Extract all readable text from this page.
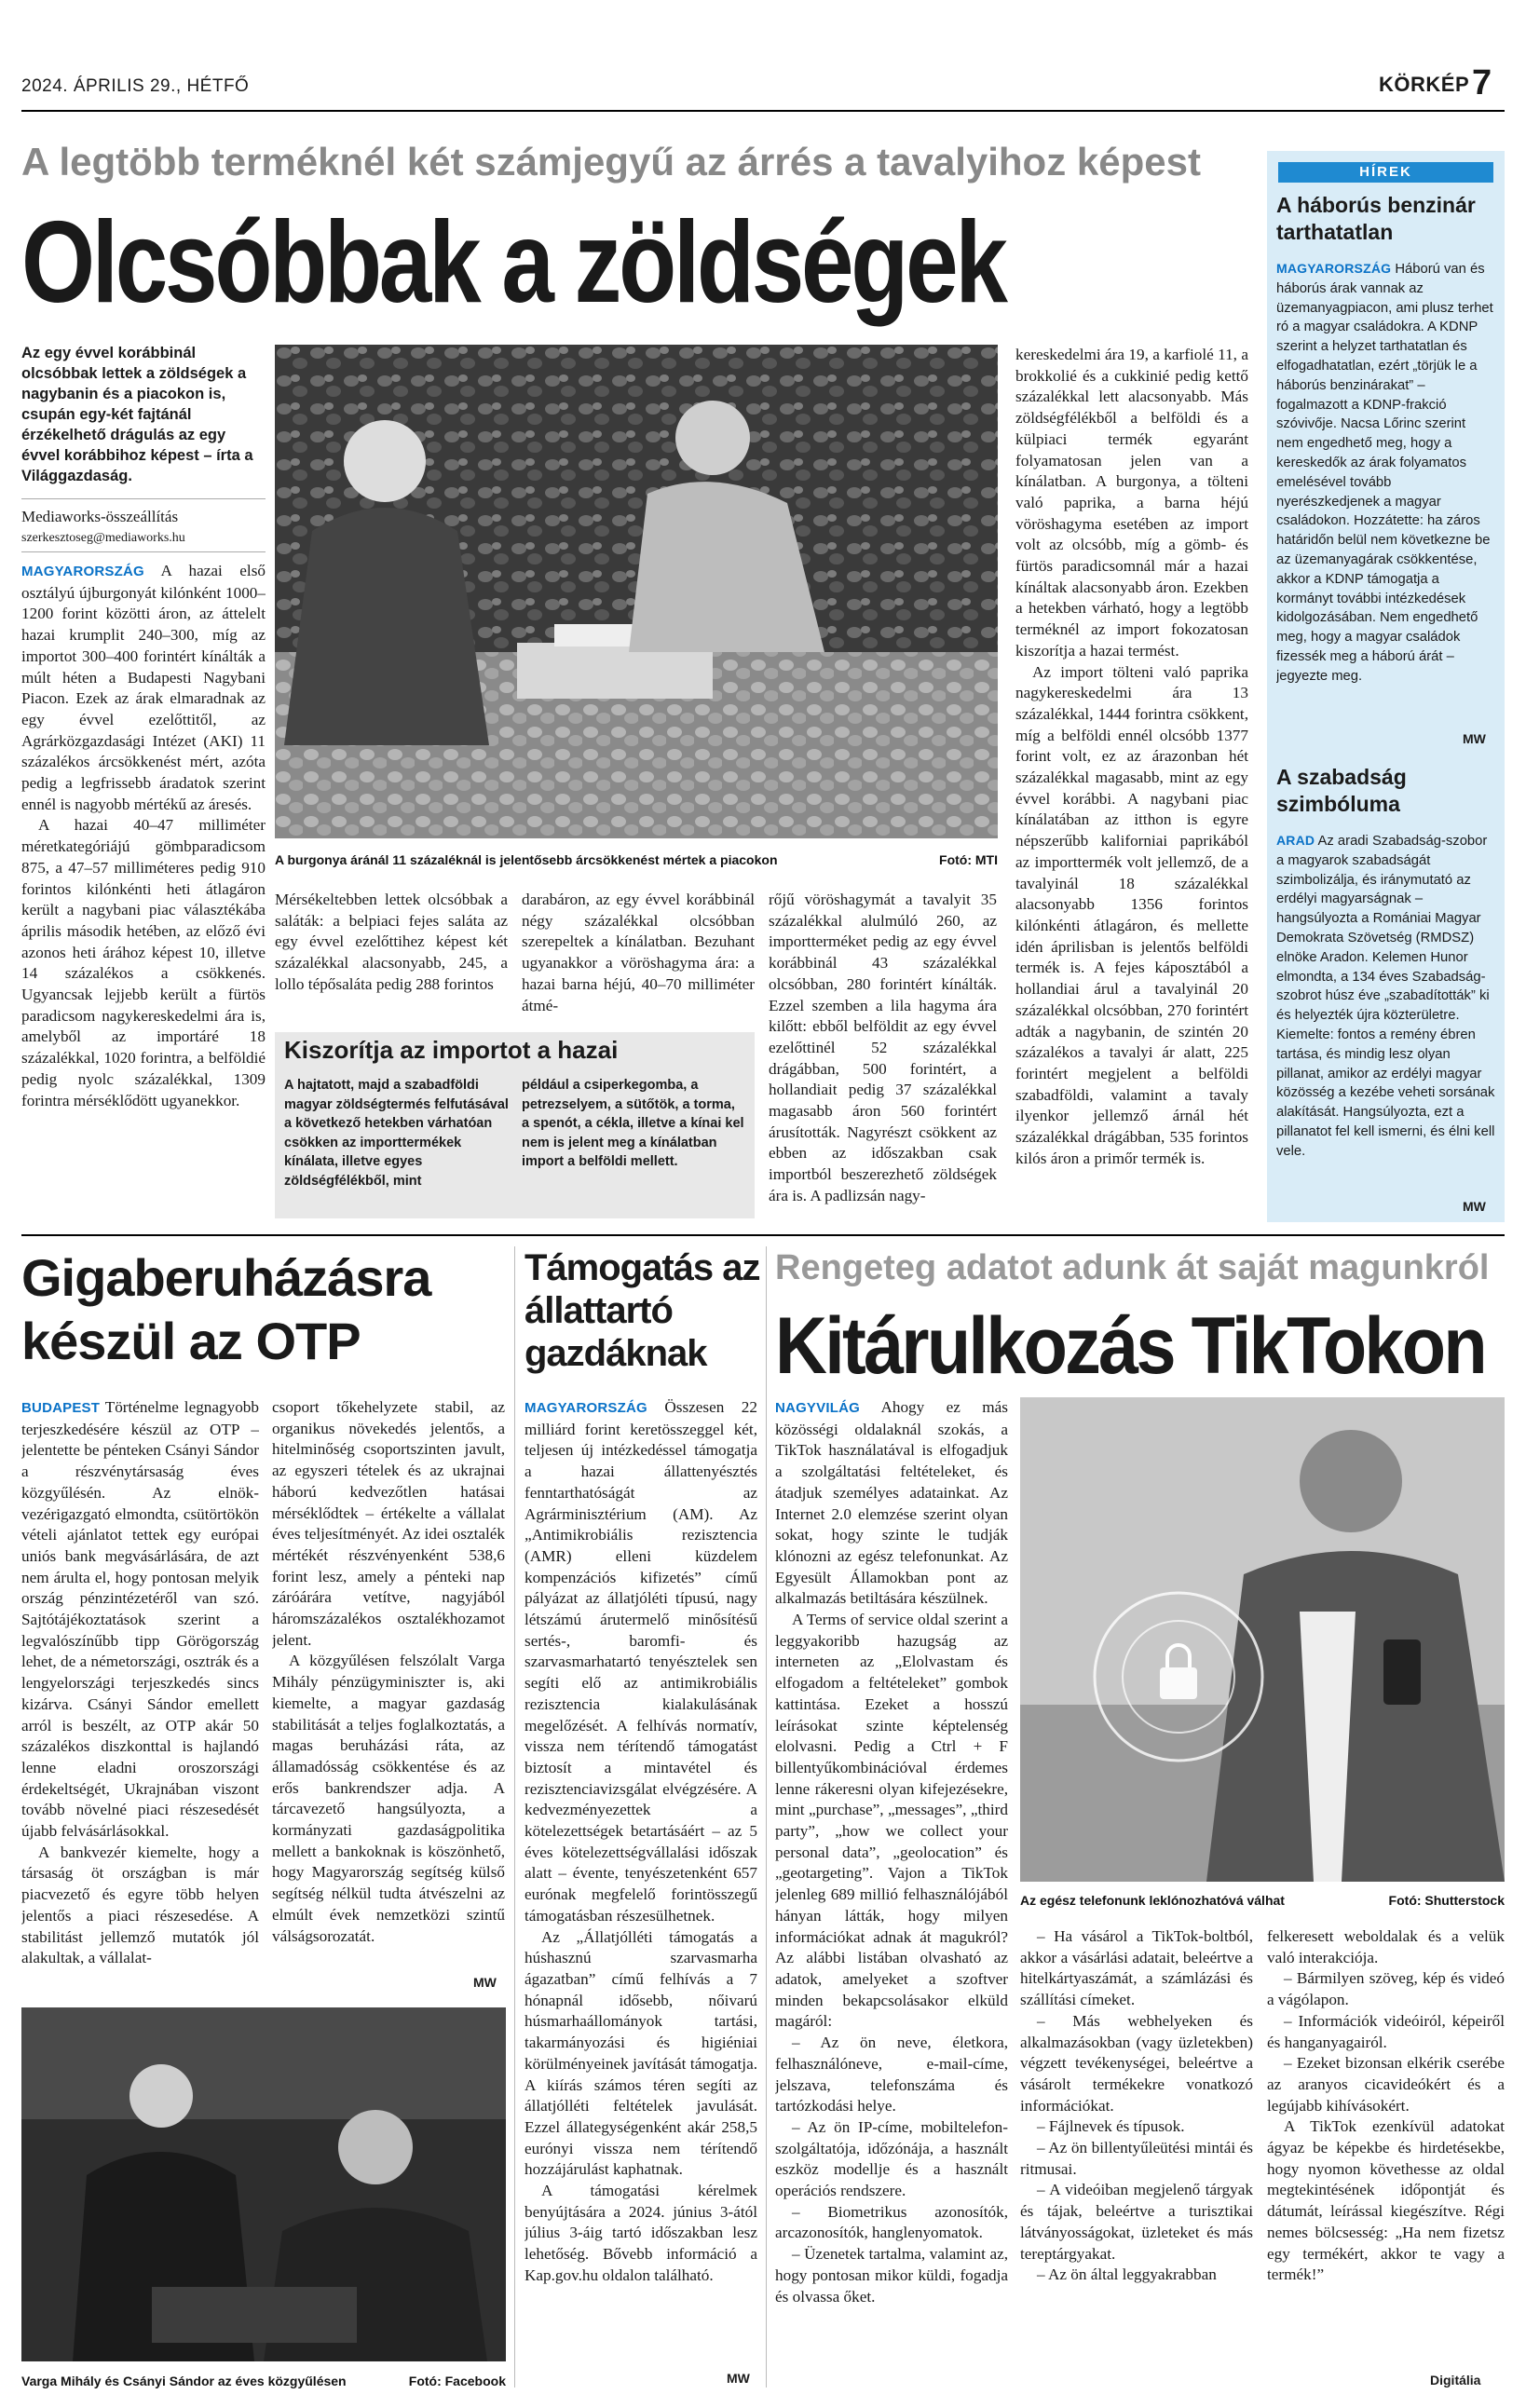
2024. ÁPRILIS 29., HÉTFŐ	KÖRKÉP 7
A legtöbb terméknél két számjegyű az árrés a tavalyihoz képest
Olcsóbbak a zöldségek
Az egy évvel korábbinál olcsóbbak lettek a zöldségek a nagybanin és a piacokon is, csupán egy-két fajtánál érzékelhető drágulás az egy évvel korábbihoz képest – írta a Világgazdaság.
Mediaworks-összeállítás
szerkesztoseg@mediaworks.hu

MAGYARORSZÁG A hazai első osztályú újburgonyát kilónként 1000–1200 forint közötti áron, az áttelelt hazai krumplit 240–300, míg az importot 300–400 forintért kínálták a múlt héten a Budapesti Nagybani Piacon. Ezek az árak elmaradnak az egy évvel ezelőttitől, az Agrárközgazdasági Intézet (AKI) 11 százalékos árcsökkenést mért, azóta pedig a legfrissebb áradatok szerint ennél is nagyobb mértékű az áresés.

A hazai 40–47 milliméter méretkategóriájú gömbparadicsom 875, a 47–57 milliméteres pedig 910 forintos kilónkénti heti átlagáron került a nagybani piac választékába április második hetében, az előző évi azonos heti árához képest 10, illetve 14 százalékos a csökkenés. Ugyancsak lejjebb került a fürtös paradicsom nagykereskedelmi ára is, amelyből az importáré 18 százalékkal, 1020 forintra, a belföldié pedig nyolc százalékkal, 1309 forintra mérséklődött ugyanekkor.

A burgonya áránál 11 százaléknál is jelentősebb árcsökkenést mértek a piacokon	Fotó: MTI
Mérsékeltebben lettek olcsóbbak a saláták: a belpiaci fejes saláta az egy évvel ezelőttihez képest két százalékkal alacsonyabb, 245, a lollo tépősaláta pedig 288 forintos
darabáron, az egy évvel korábbinál négy százalékkal olcsóbban szerepeltek a kínálatban. Bezuhant ugyanakkor a vöröshagyma ára: a hazai barna héjú, 40–70 milliméter átmé-
Kiszorítja az importot a hazai
A hajtatott, majd a szabadföldi magyar zöldségtermés felfutásával a következő hetekben várhatóan csökken az importtermékek kínálata, illetve egyes zöldségfélékből, mint
például a csiperkegomba, a petrezselyem, a sütőtök, a torma, a spenót, a cékla, illetve a kínai kel nem is jelent meg a kínálatban import a belföldi mellett.
rőjű vöröshagymát a tavalyit 35 százalékkal alulmúló 260, az importterméket pedig az egy évvel korábbinál 43 százalékkal olcsóbban, 280 forintért kínálták. Ezzel szemben a lila hagyma ára kilőtt: ebből belföldit az egy évvel ezelőttinél 52 százalékkal drágábban, 500 forintért, a hollandiait pedig 37 százalékkal magasabb áron 560 forintért árusították. Nagyrészt csökkent az ebben az időszakban csak importból beszerezhető zöldségek ára is. A padlizsán nagy-

kereskedelmi ára 19, a karfiolé 11, a brokkolié és a cukkinié pedig kettő százalékkal lett alacsonyabb. Más zöldségfélékből a belföldi és a külpiaci termék egyaránt folyamatosan jelen van a kínálatban. A burgonya, a tölteni való paprika, a barna héjú vöröshagyma esetében az import volt az olcsóbb, míg a gömb- és fürtös paradicsomnál már a hazai kínáltak alacsonyabb áron. Ezekben a hetekben várható, hogy a legtöbb terméknél az import fokozatosan kiszorítja a hazai termést.

Az import tölteni való paprika nagykereskedelmi ára 13 százalékkal, 1444 forintra csökkent, míg a belföldi ennél olcsóbb 1377 forint volt, ez az árazonban hét százalékkal magasabb, mint az egy évvel korábbi. A nagybani piac kínálatában az itthon is egyre népszerűbb kaliforniai paprikából az importtermék volt jellemző, de a tavalyinál 18 százalékkal alacsonyabb 1356 forintos kilónkénti átlagáron, és mellette idén áprilisban is jelentős belföldi termék is. A fejes káposztából a hollandiai árul a tavalyinál 20 százalékkal olcsóbban, 270 forintért adták a nagybanin, de szintén 20 százalékos a tavalyi ár alatt, 225 forintért megjelent a belföldi szabadföldi, valamint a tavaly ilyenkor jellemző árnál hét százalékkal drágábban, 535 forintos kilós áron a primőr termék is.

HÍREK
A háborús benzinár tarthatatlan
MAGYARORSZÁG Háború van és háborús árak vannak az üzemanyagpiacon, ami plusz terhet ró a magyar családokra. A KDNP szerint a helyzet tarthatatlan és elfogadhatatlan, ezért „törjük le a háborús benzinárakat” – fogalmazott a KDNP-frakció szóvivője. Nacsa Lőrinc szerint nem engedhető meg, hogy a kereskedők az árak folyamatos emelésével tovább nyerészkedjenek a magyar családokon. Hozzátette: ha záros határidőn belül nem következne be az üzemanyagárak csökkentése, akkor a KDNP támogatja a kormányt további intézkedések kidolgozásában. Nem engedhető meg, hogy a magyar családok fizessék meg a háború árát – jegyezte meg.
MW
A szabadság szimbóluma
ARAD Az aradi Szabadság-szobor a magyarok szabadságát szimbolizálja, és iránymutató az erdélyi magyarságnak – hangsúlyozta a Romániai Magyar Demokrata Szövetség (RMDSZ) elnöke Aradon. Kelemen Hunor elmondta, a 134 éves Szabadság-szobrot húsz éve „szabadították” ki és helyezték újra közterületre. Kiemelte: fontos a remény ébren tartása, és mindig lesz olyan pillanat, amikor az erdélyi magyar közösség a kezébe veheti sorsának alakítását. Hangsúlyozta, ezt a pillanatot fel kell ismerni, és élni kell vele.
MW
Gigaberuházásra készül az OTP

BUDAPEST Történelme legnagyobb terjeszkedésére készül az OTP – jelentette be pénteken Csányi Sándor a részvénytársaság éves közgyűlésén. Az elnök-vezérigazgató elmondta, csütörtökön vételi ajánlatot tettek egy európai uniós bank megvásárlására, de azt nem árulta el, hogy pontosan melyik ország pénzintézetéről van szó. Sajtótájékoztatások szerint a legvalószínűbb tipp Görögország lehet, de a németországi, osztrák és a lengyelországi terjeszkedés sincs kizárva. Csányi Sándor emellett arról is beszélt, az OTP akár 50 százalékos diszkonttal is hajlandó lenne eladni oroszországi érdekeltségét, Ukrajnában viszont tovább növelné piaci részesedését újabb felvásárlásokkal.

A bankvezér kiemelte, hogy a társaság öt országban is már piacvezető és egyre több helyen jelentős a piaci részesedése. A stabilitást jellemző mutatók jól alakultak, a vállalat-

csoport tőkehelyzete stabil, az organikus növekedés jelentős, a hitelminőség csoportszinten javult, az egyszeri tételek és az ukrajnai háború kedvezőtlen hatásai mérséklődtek – értékelte a vállalat éves teljesítményét. Az idei osztalék mértékét részvényenként 538,6 forint lesz, amely a pénteki nap záróárára vetítve, nagyjából háromszázalékos osztalékhozamot jelent.

A közgyűlésen felszólalt Varga Mihály pénzügyminiszter is, aki kiemelte, a magyar gazdaság stabilitását a teljes foglalkoztatás, a magas beruházási ráta, az államadósság csökkentése és az erős bankrendszer adja. A tárcavezető hangsúlyozta, a kormányzati gazdaságpolitika mellett a bankoknak is köszönhető, hogy Magyarország segítség külső segítség nélkül tudta átvészelni az elmúlt évek nemzetközi szintű válságsorozatát.

MW
Varga Mihály és Csányi Sándor az éves közgyűlésen	Fotó: Facebook
Támogatás az állattartó gazdáknak

MAGYARORSZÁG Összesen 22 milliárd forint keretösszeggel két, teljesen új intézkedéssel támogatja a hazai állattenyésztés fenntarthatóságát az Agrárminisztérium (AM). Az „Antimikrobiális rezisztencia (AMR) elleni küzdelem kompenzációs kifizetés” című pályázat az állatjóléti típusú, nagy létszámú árutermelő minősítésű sertés-, baromfi- és szarvasmarhatartó tenyésztelek sen segíti elő az antimikrobiális rezisztencia kialakulásának megelőzését. A felhívás normatív, vissza nem térítendő támogatást biztosít a mintavétel és rezisztenciavizsgálat elvégzésére. A kedvezményezettek a kötelezettségek betartásáért – az 5 éves kötelezettségvállalási időszak alatt – évente, tenyészetenként 657 eurónak megfelelő forintösszegű támogatásban részesülhetnek.

Az „Állatjólléti támogatás a húshasznú szarvasmarha ágazatban” című felhívás a 7 hónapnál idősebb, nőivarú húsmarhaállományok tartási, takarmányozási és higiéniai körülményeinek javítását támogatja. A kiírás számos téren segíti az állatjólléti feltételek javulását. Ezzel állategységenként akár 258,5 eurónyi vissza nem térítendő hozzájárulást kaphatnak.

A támogatási kérelmek benyújtására a 2024. június 3-ától július 3-áig tartó időszakban lesz lehetőség. Bővebb információ a Kap.gov.hu oldalon található.

MW
Rengeteg adatot adunk át saját magunkról
Kitárulkozás TikTokon

NAGYVILÁG Ahogy ez más közösségi oldalaknál szokás, a TikTok használatával is elfogadjuk a szolgáltatási feltételeket, és átadjuk személyes adatainkat. Az Internet 2.0 elemzése szerint olyan sokat, hogy szinte le tudják klónozni az egész telefonunkat. Az Egyesült Államokban pont az alkalmazás betiltására készülnek.

A Terms of service oldal szerint a leggyakoribb hazugság az interneten az „Elolvastam és elfogadom a feltételeket” gombok kattintása. Ezeket a hosszú leírásokat szinte képtelenség elolvasni. Pedig a Ctrl + F billentyűkombinációval érdemes lenne rákeresni olyan kifejezésekre, mint „purchase”, „messages”, „third party”, „how we collect your personal data”, „geolocation” és „geotargeting”. Vajon a TikTok jelenleg 689 millió felhasználójából hányan látták, hogy milyen információkat adnak át magukról? Az alábbi listában olvasható az adatok, amelyeket a szoftver minden bekapcsolásakor elküld magáról:

– Az ön neve, életkora, felhasználóneve, e-mail-címe, jelszava, telefonszáma és tartózkodási helye.

– Az ön IP-címe, mobiltelefon-szolgáltatója, időzónája, a használt eszköz modellje és a használt operációs rendszere.

– Biometrikus azonosítók, arcazonosítók, hanglenyomatok.

– Üzenetek tartalma, valamint az, hogy pontosan mikor küldi, fogadja és olvassa őket.

Az egész telefonunk leklónozhatóvá válhat	Fotó: Shutterstock

– Ha vásárol a TikTok-boltból, akkor a vásárlási adatait, beleértve a hitelkártyaszámát, a számlázási és szállítási címeket.

– Más webhelyeken és alkalmazásokban (vagy üzletekben) végzett tevékenységei, beleértve a vásárolt termékekre vonatkozó információkat.

– Fájlnevek és típusok.

– Az ön billentyűleütési mintái és ritmusai.

– A videóiban megjelenő tárgyak és tájak, beleértve a turisztikai látványosságokat, üzleteket és más tereptárgyakat.

– Az ön által leggyakrabban

felkeresett weboldalak és a velük való interakciója.

– Bármilyen szöveg, kép és videó a vágólapon.

– Információk videóiról, képeiről és hanganyagairól.

– Ezeket bizonsan elkérik cserébe az aranyos cicavideókért és a legújabb kihívásokért.

A TikTok ezenkívül adatokat ágyaz be képekbe és hirdetésekbe, hogy nyomon követhesse az oldal megtekintésének időpontját és dátumát, leírással kiegészítve. Régi nemes bölcsesség: „Ha nem fizetsz egy termékért, akkor te vagy a termék!”

Digitália
